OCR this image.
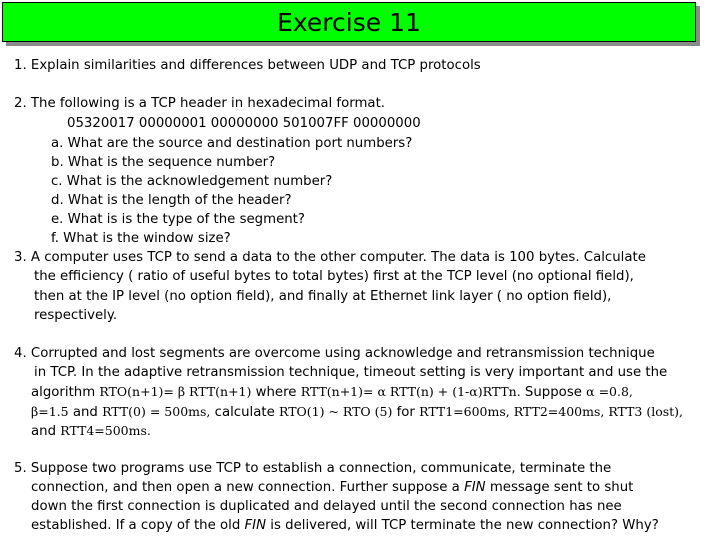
Exercise 11
1. Explain similarities and differences between UDP and TCP protocols
2. The following is a TCP header in hexadecimal format.
05320017 00000001 00000000 501007FF 00000000
a. What are the source and destination port numbers?
b. What is the sequence number?
c. What is the acknowledgement number?
d. What is the length of the header?
e. What is is the type of the segment?
f. What is the window size?
3. A computer uses TCP to send a data to the other computer. The data is 100 bytes. Calculate
the efficiency ( ratio of useful bytes to total bytes) first at the TCP level (no optional field),
then at the IP level (no option field), and finally at Ethernet link layer ( no option field),
respectively.
4. Corrupted and lost segments are overcome using acknowledge and retransmission technique
in TCP. In the adaptive retransmission technique, timeout setting is very important and use the
algorithm RTO(n+1)= β RTT(n+1) where RTT(n+1)= α RTT(n) + (1-α)RTTn. Suppose α =0.8,
β=1.5 and RTT(0) = 500ms, calculate RTO(1) ~ RTO (5) for RTT1=600ms, RTT2=400ms, RTT3 (lost),
and RTT4=500ms.
5. Suppose two programs use TCP to establish a connection, communicate, terminate the
connection, and then open a new connection. Further suppose a FIN message sent to shut
down the first connection is duplicated and delayed until the second connection has nee
established. If a copy of the old FIN is delivered, will TCP terminate the new connection? Why?
